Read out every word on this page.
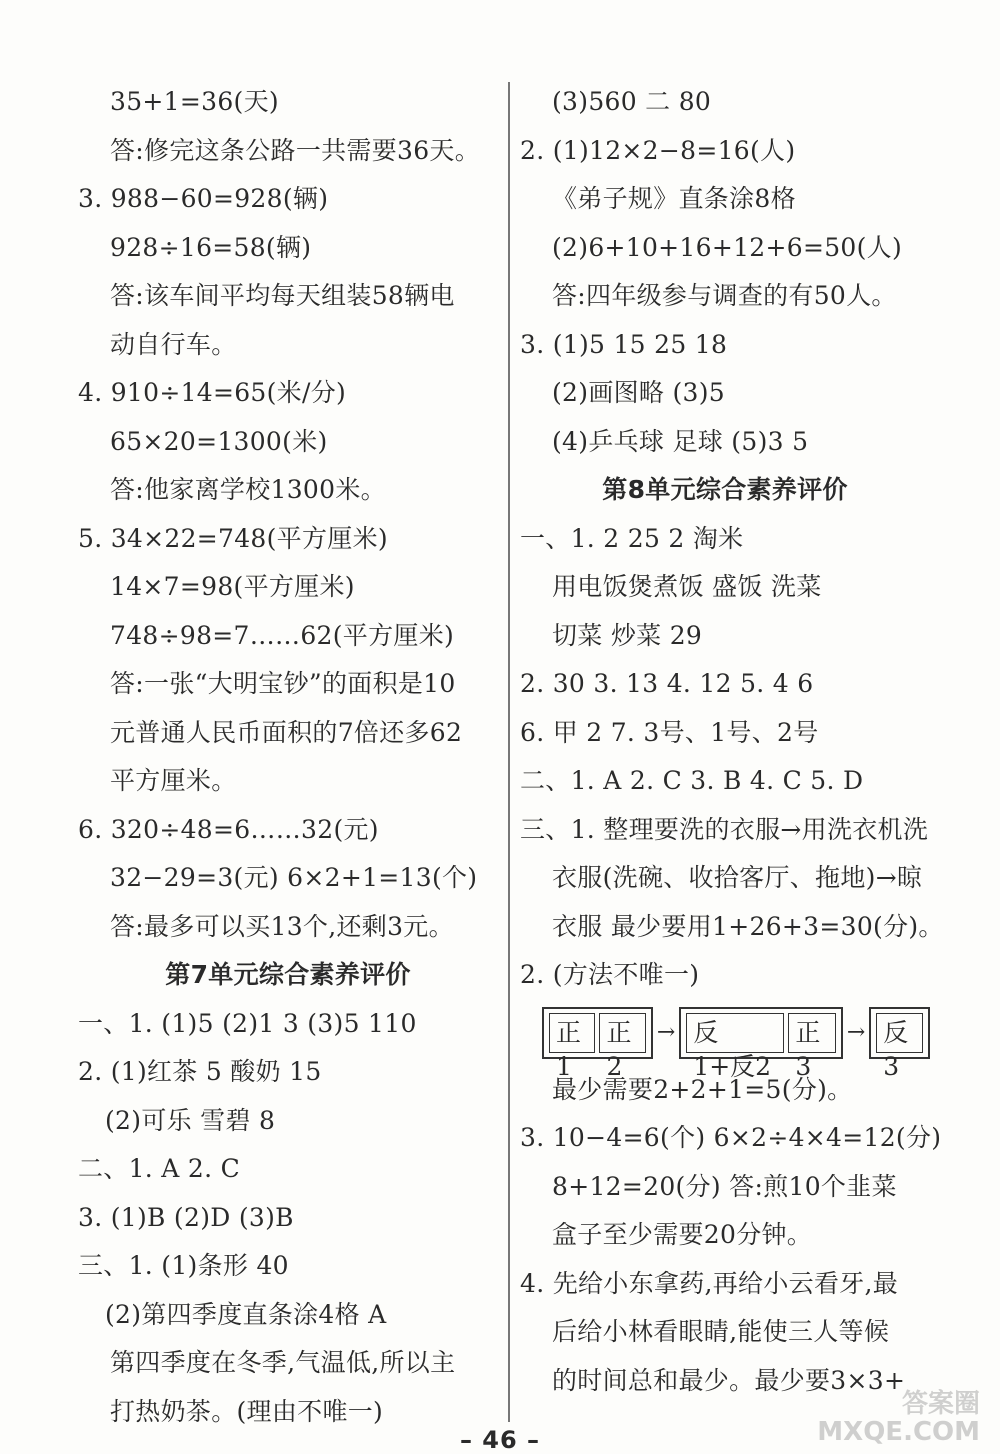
35+1=36(天)
答:修完这条公路一共需要36天。
3. 988−60=928(辆)
928÷16=58(辆)
答:该车间平均每天组装58辆电
动自行车。
4. 910÷14=65(米/分)
65×20=1300(米)
答:他家离学校1300米。
5. 34×22=748(平方厘米)
14×7=98(平方厘米)
748÷98=7……62(平方厘米)
答:一张“大明宝钞”的面积是10
元普通人民币面积的7倍还多62
平方厘米。
6. 320÷48=6……32(元)
32−29=3(元) 6×2+1=13(个)
答:最多可以买13个,还剩3元。
第7单元综合素养评价
一、1. (1)5 (2)1 3 (3)5 110
2. (1)红茶 5 酸奶 15
(2)可乐 雪碧 8
二、1. A 2. C
3. (1)B (2)D (3)B
三、1. (1)条形 40
(2)第四季度直条涂4格 A
第四季度在冬季,气温低,所以主
打热奶茶。(理由不唯一)
(3)560 二 80
2. (1)12×2−8=16(人)
《弟子规》直条涂8格
(2)6+10+16+12+6=50(人)
答:四年级参与调查的有50人。
3. (1)5 15 25 18
(2)画图略 (3)5
(4)乒乓球 足球 (5)3 5
第8单元综合素养评价
一、1. 2 25 2 淘米
用电饭煲煮饭 盛饭 洗菜
切菜 炒菜 29
2. 30 3. 13 4. 12 5. 4 6
6. 甲 2 7. 3号、1号、2号
二、1. A 2. C 3. B 4. C 5. D
三、1. 整理要洗的衣服→用洗衣机洗
衣服(洗碗、收拾客厅、拖地)→晾
衣服 最少要用1+26+3=30(分)。
2. (方法不唯一)
正1
正2
→ 反1+反2
正3
→ 反3
最少需要2+2+1=5(分)。
3. 10−4=6(个) 6×2÷4×4=12(分)
8+12=20(分) 答:煎10个韭菜
盒子至少需要20分钟。
4. 先给小东拿药,再给小云看牙,最
后给小林看眼睛,能使三人等候
的时间总和最少。最少要3×3+
– 46 –
答案圈 MXQE.COM
